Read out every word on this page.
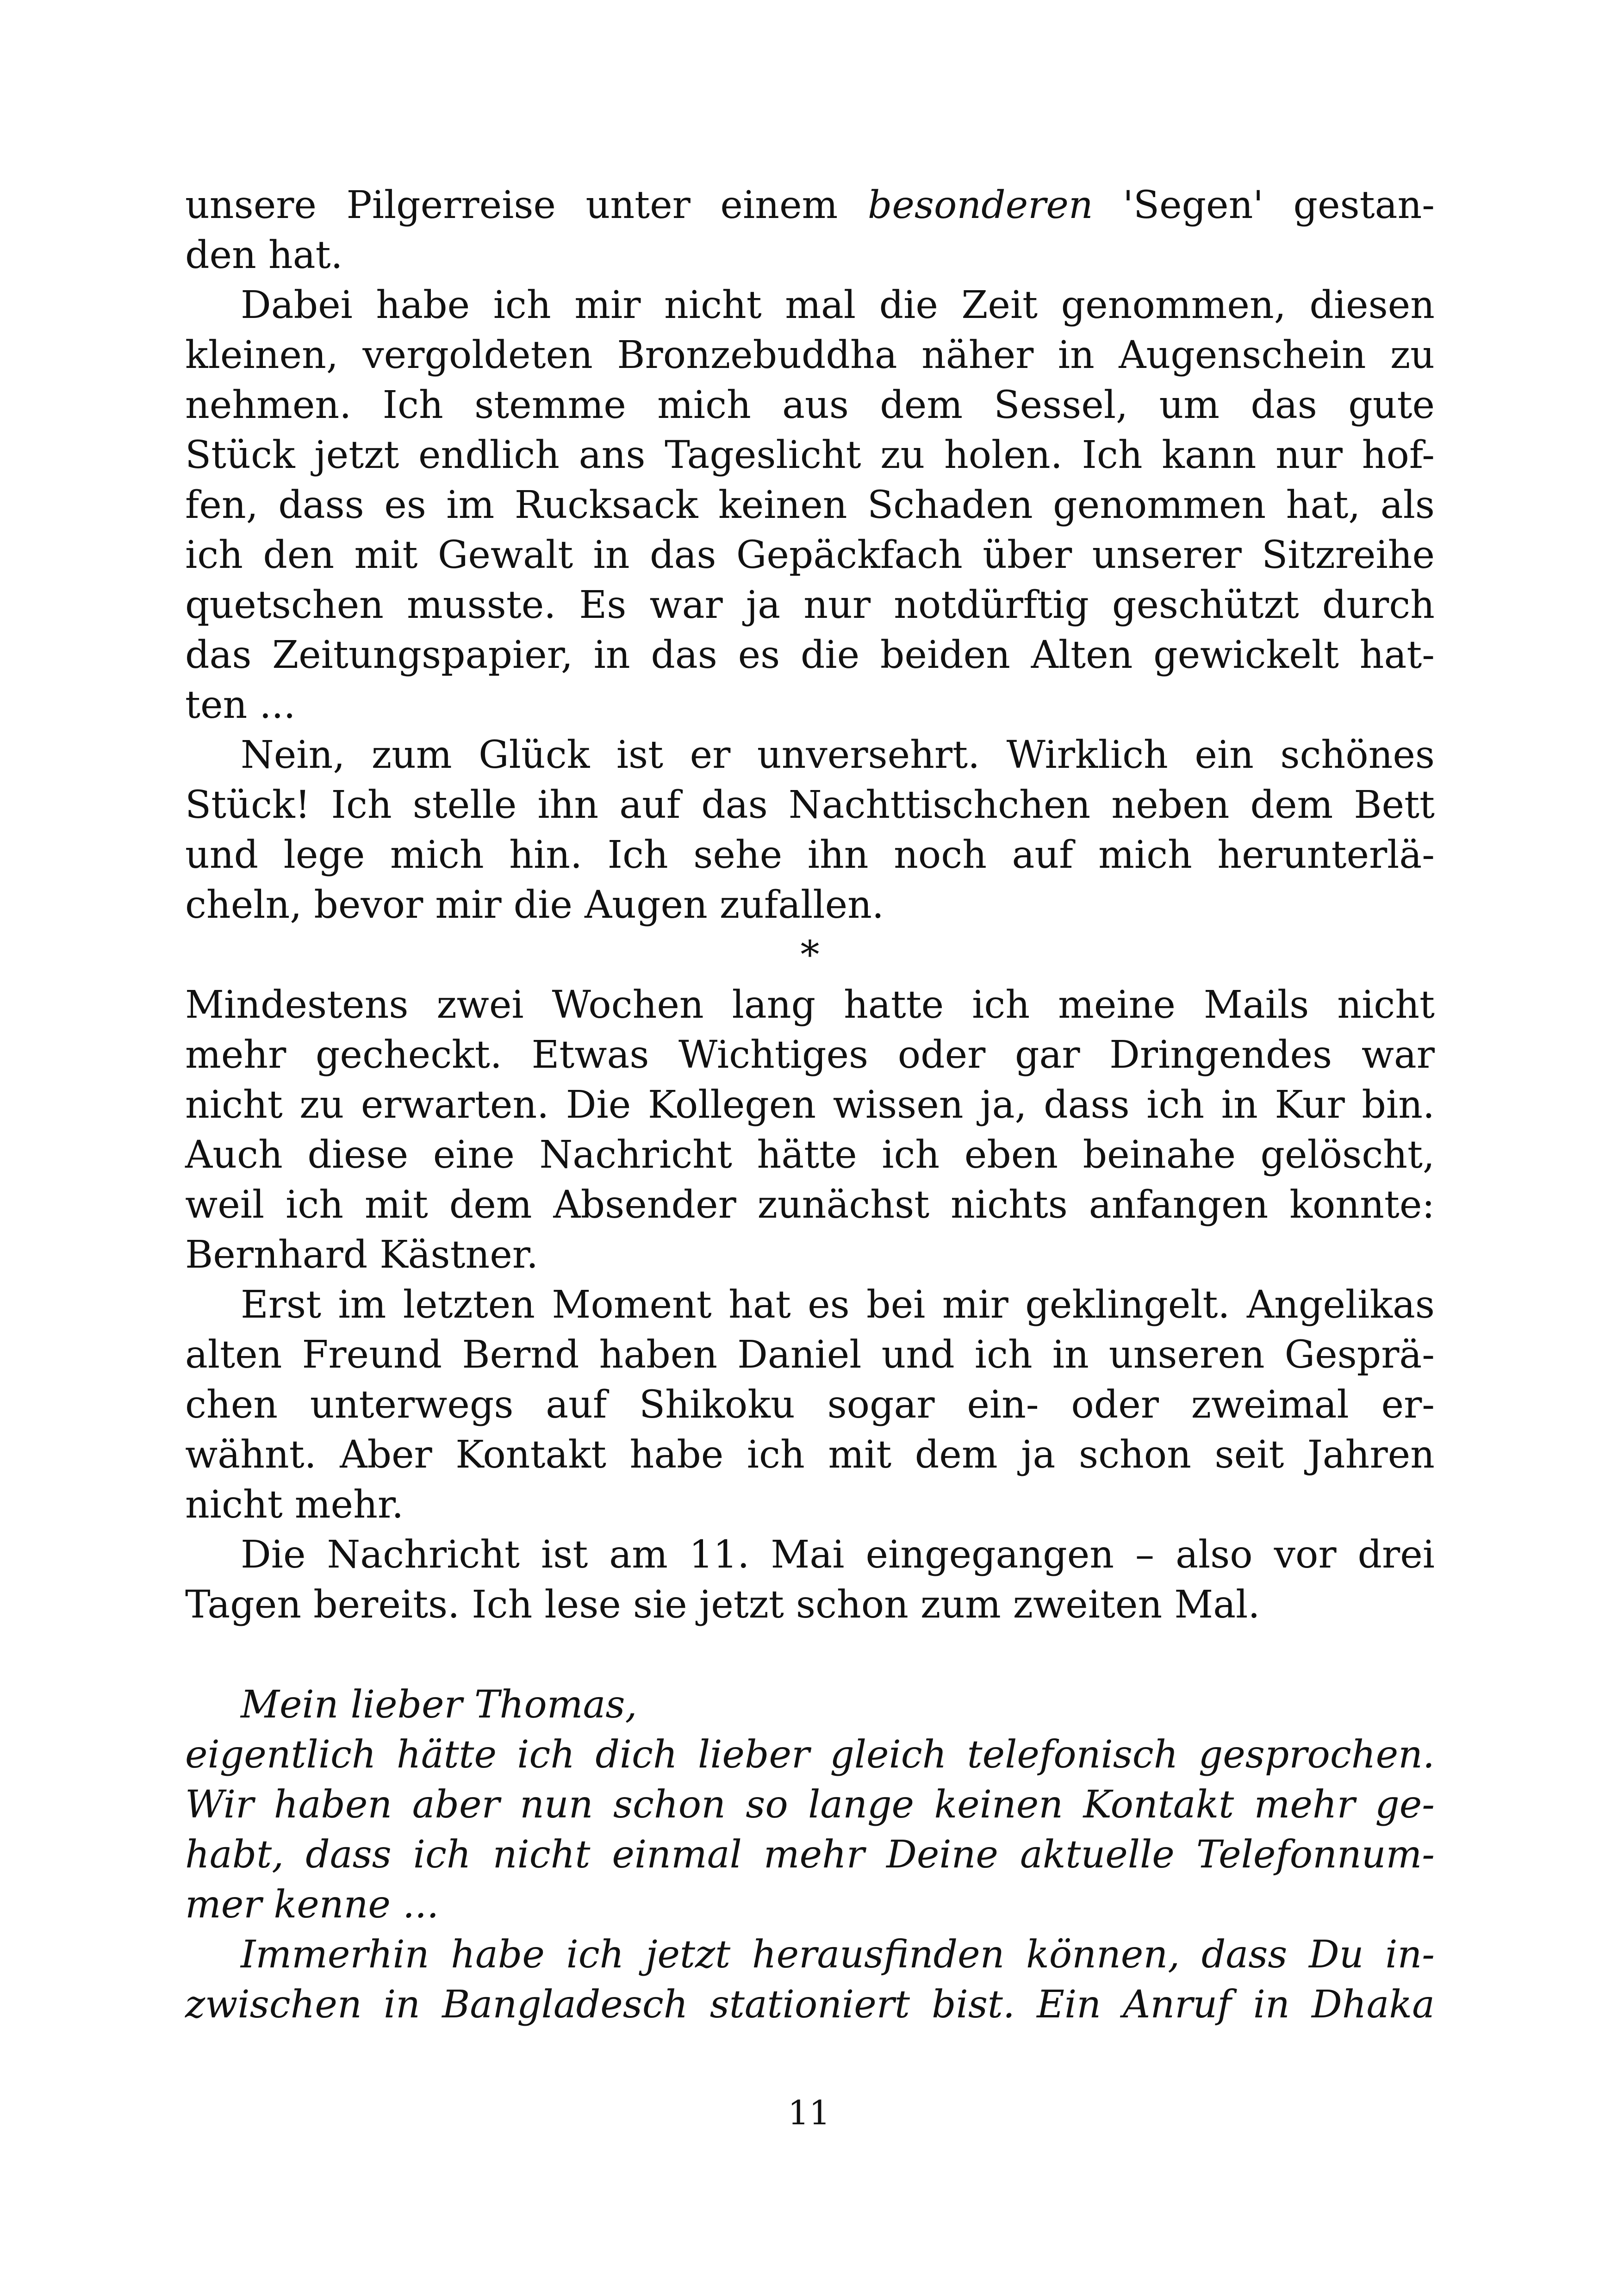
unsere Pilgerreise unter einem besonderen 'Segen' gestan-
den hat.
Dabei habe ich mir nicht mal die Zeit genommen, diesen
kleinen, vergoldeten Bronzebuddha näher in Augenschein zu
nehmen. Ich stemme mich aus dem Sessel, um das gute
Stück jetzt endlich ans Tageslicht zu holen. Ich kann nur hof-
fen, dass es im Rucksack keinen Schaden genommen hat, als
ich den mit Gewalt in das Gepäckfach über unserer Sitzreihe
quetschen musste. Es war ja nur notdürftig geschützt durch
das Zeitungspapier, in das es die beiden Alten gewickelt hat-
ten ...
Nein, zum Glück ist er unversehrt. Wirklich ein schönes
Stück! Ich stelle ihn auf das Nachttischchen neben dem Bett
und lege mich hin. Ich sehe ihn noch auf mich herunterlä-
cheln, bevor mir die Augen zufallen.
*
Mindestens zwei Wochen lang hatte ich meine Mails nicht
mehr gecheckt. Etwas Wichtiges oder gar Dringendes war
nicht zu erwarten. Die Kollegen wissen ja, dass ich in Kur bin.
Auch diese eine Nachricht hätte ich eben beinahe gelöscht,
weil ich mit dem Absender zunächst nichts anfangen konnte:
Bernhard Kästner.
Erst im letzten Moment hat es bei mir geklingelt. Angelikas
alten Freund Bernd haben Daniel und ich in unseren Gesprä-
chen unterwegs auf Shikoku sogar ein- oder zweimal er-
wähnt. Aber Kontakt habe ich mit dem ja schon seit Jahren
nicht mehr.
Die Nachricht ist am 11. Mai eingegangen – also vor drei
Tagen bereits. Ich lese sie jetzt schon zum zweiten Mal.
Mein lieber Thomas,
eigentlich hätte ich dich lieber gleich telefonisch gesprochen.
Wir haben aber nun schon so lange keinen Kontakt mehr ge-
habt, dass ich nicht einmal mehr Deine aktuelle Telefonnum-
mer kenne ...
Immerhin habe ich jetzt herausfinden können, dass Du in-
zwischen in Bangladesch stationiert bist. Ein Anruf in Dhaka
11
